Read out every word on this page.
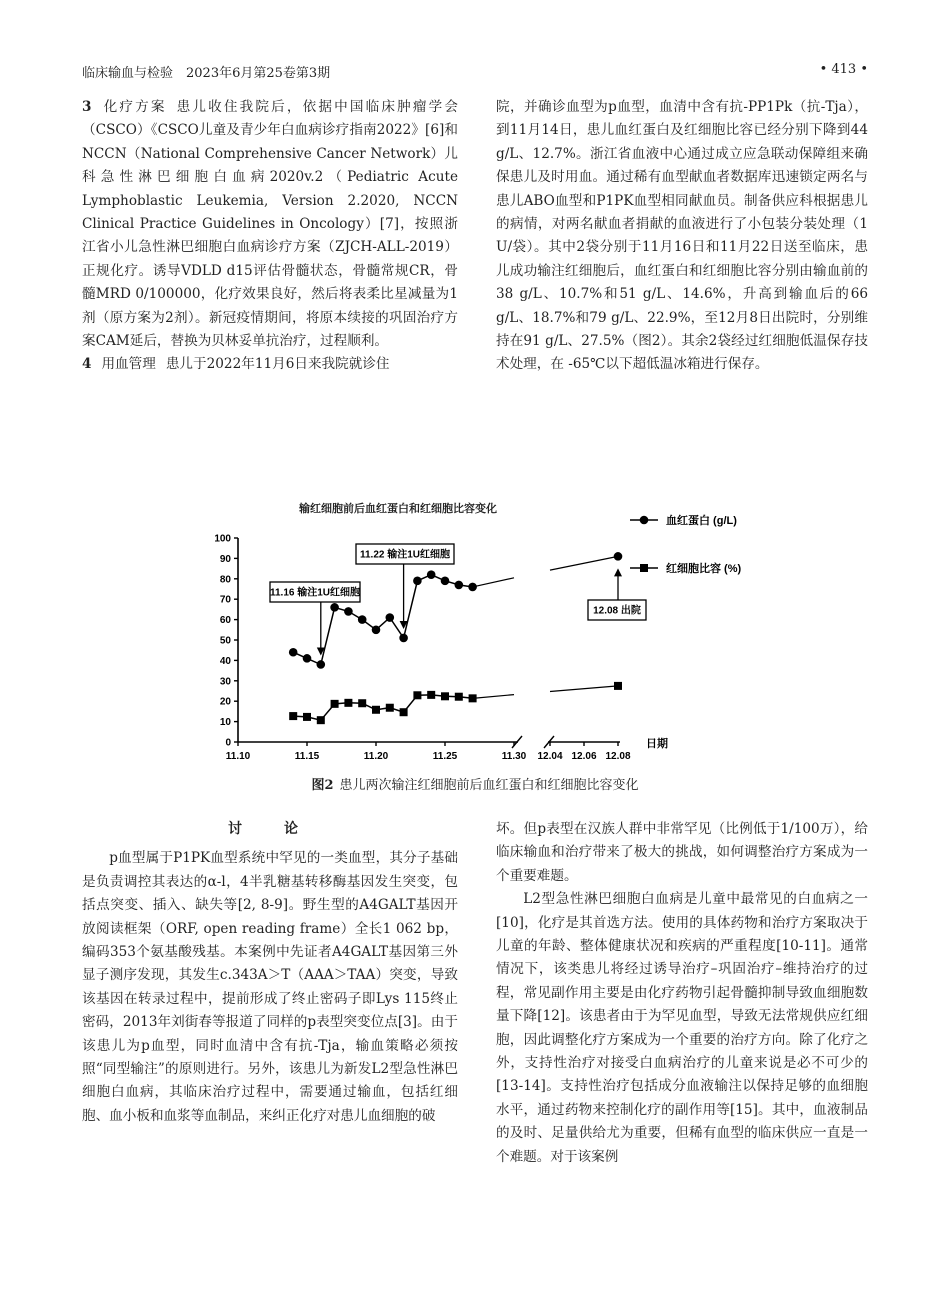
临床输血与检验　2023年6月第25卷第3期	• 413 •

3 化疗方案 患儿收住我院后，依据中国临床肿瘤学会（CSCO）《CSCO儿童及青少年白血病诊疗指南2022》[6]和NCCN（National Comprehensive Cancer Network）儿科急性淋巴细胞白血病2020v.2（Pediatric Acute Lymphoblastic Leukemia, Version 2.2020, NCCN Clinical Practice Guidelines in Oncology）[7]，按照浙江省小儿急性淋巴细胞白血病诊疗方案（ZJCH-ALL-2019）正规化疗。诱导VDLD d15评估骨髓状态，骨髓常规CR，骨髓MRD 0/100000，化疗效果良好，然后将表柔比星减量为1剂（原方案为2剂）。新冠疫情期间，将原本续接的巩固治疗方案CAM延后，替换为贝林妥单抗治疗，过程顺利。

4 用血管理 患儿于2022年11月6日来我院就诊住

院，并确诊血型为p血型，血清中含有抗-PP1Pk（抗-Tja），到11月14日，患儿血红蛋白及红细胞比容已经分别下降到44 g/L、12.7%。浙江省血液中心通过成立应急联动保障组来确保患儿及时用血。通过稀有血型献血者数据库迅速锁定两名与患儿ABO血型和P1PK血型相同献血员。制备供应科根据患儿的病情，对两名献血者捐献的血液进行了小包装分装处理（1 U/袋）。其中2袋分别于11月16日和11月22日送至临床，患儿成功输注红细胞后，血红蛋白和红细胞比容分别由输血前的38 g/L、10.7%和51 g/L、14.6%，升高到输血后的66 g/L、18.7%和79 g/L、22.9%，至12月8日出院时，分别维持在91 g/L、27.5%（图2）。其余2袋经过红细胞低温保存技术处理，在 -65℃以下超低温冰箱进行保存。

输红细胞前后血红蛋白和红细胞比容变化
0
10
20
30
40
50
60
70
80
90
100
11.10	11.15	11.20	11.25	11.30 12.04 12.06 12.08
日期
血红蛋白 (g/L)
红细胞比容 (%)
11.16 输注1U红细胞
11.22 输注1U红细胞
12.08 出院
图2 患儿两次输注红细胞前后血红蛋白和红细胞比容变化
讨　论

p血型属于P1PK血型系统中罕见的一类血型，其分子基础是负责调控其表达的α-l，4半乳糖基转移酶基因发生突变，包括点突变、插入、缺失等[2, 8-9]。野生型的A4GALT基因开放阅读框架（ORF, open reading frame）全长1 062 bp，编码353个氨基酸残基。本案例中先证者A4GALT基因第三外显子测序发现，其发生c.343A＞T（AAA＞TAA）突变，导致该基因在转录过程中，提前形成了终止密码子即Lys 115终止密码，2013年刘街春等报道了同样的p表型突变位点[3]。由于该患儿为p血型，同时血清中含有抗-Tja，输血策略必须按照“同型输注”的原则进行。另外，该患儿为新发L2型急性淋巴细胞白血病，其临床治疗过程中，需要通过输血，包括红细胞、血小板和血浆等血制品，来纠正化疗对患儿血细胞的破

坏。但p表型在汉族人群中非常罕见（比例低于1/100万），给临床输血和治疗带来了极大的挑战，如何调整治疗方案成为一个重要难题。

L2型急性淋巴细胞白血病是儿童中最常见的白血病之一[10]，化疗是其首选方法。使用的具体药物和治疗方案取决于儿童的年龄、整体健康状况和疾病的严重程度[10-11]。通常情况下，该类患儿将经过诱导治疗–巩固治疗–维持治疗的过程，常见副作用主要是由化疗药物引起骨髓抑制导致血细胞数量下降[12]。该患者由于为罕见血型，导致无法常规供应红细胞，因此调整化疗方案成为一个重要的治疗方向。除了化疗之外，支持性治疗对接受白血病治疗的儿童来说是必不可少的[13-14]。支持性治疗包括成分血液输注以保持足够的血细胞水平，通过药物来控制化疗的副作用等[15]。其中，血液制品的及时、足量供给尤为重要，但稀有血型的临床供应一直是一个难题。对于该案例
